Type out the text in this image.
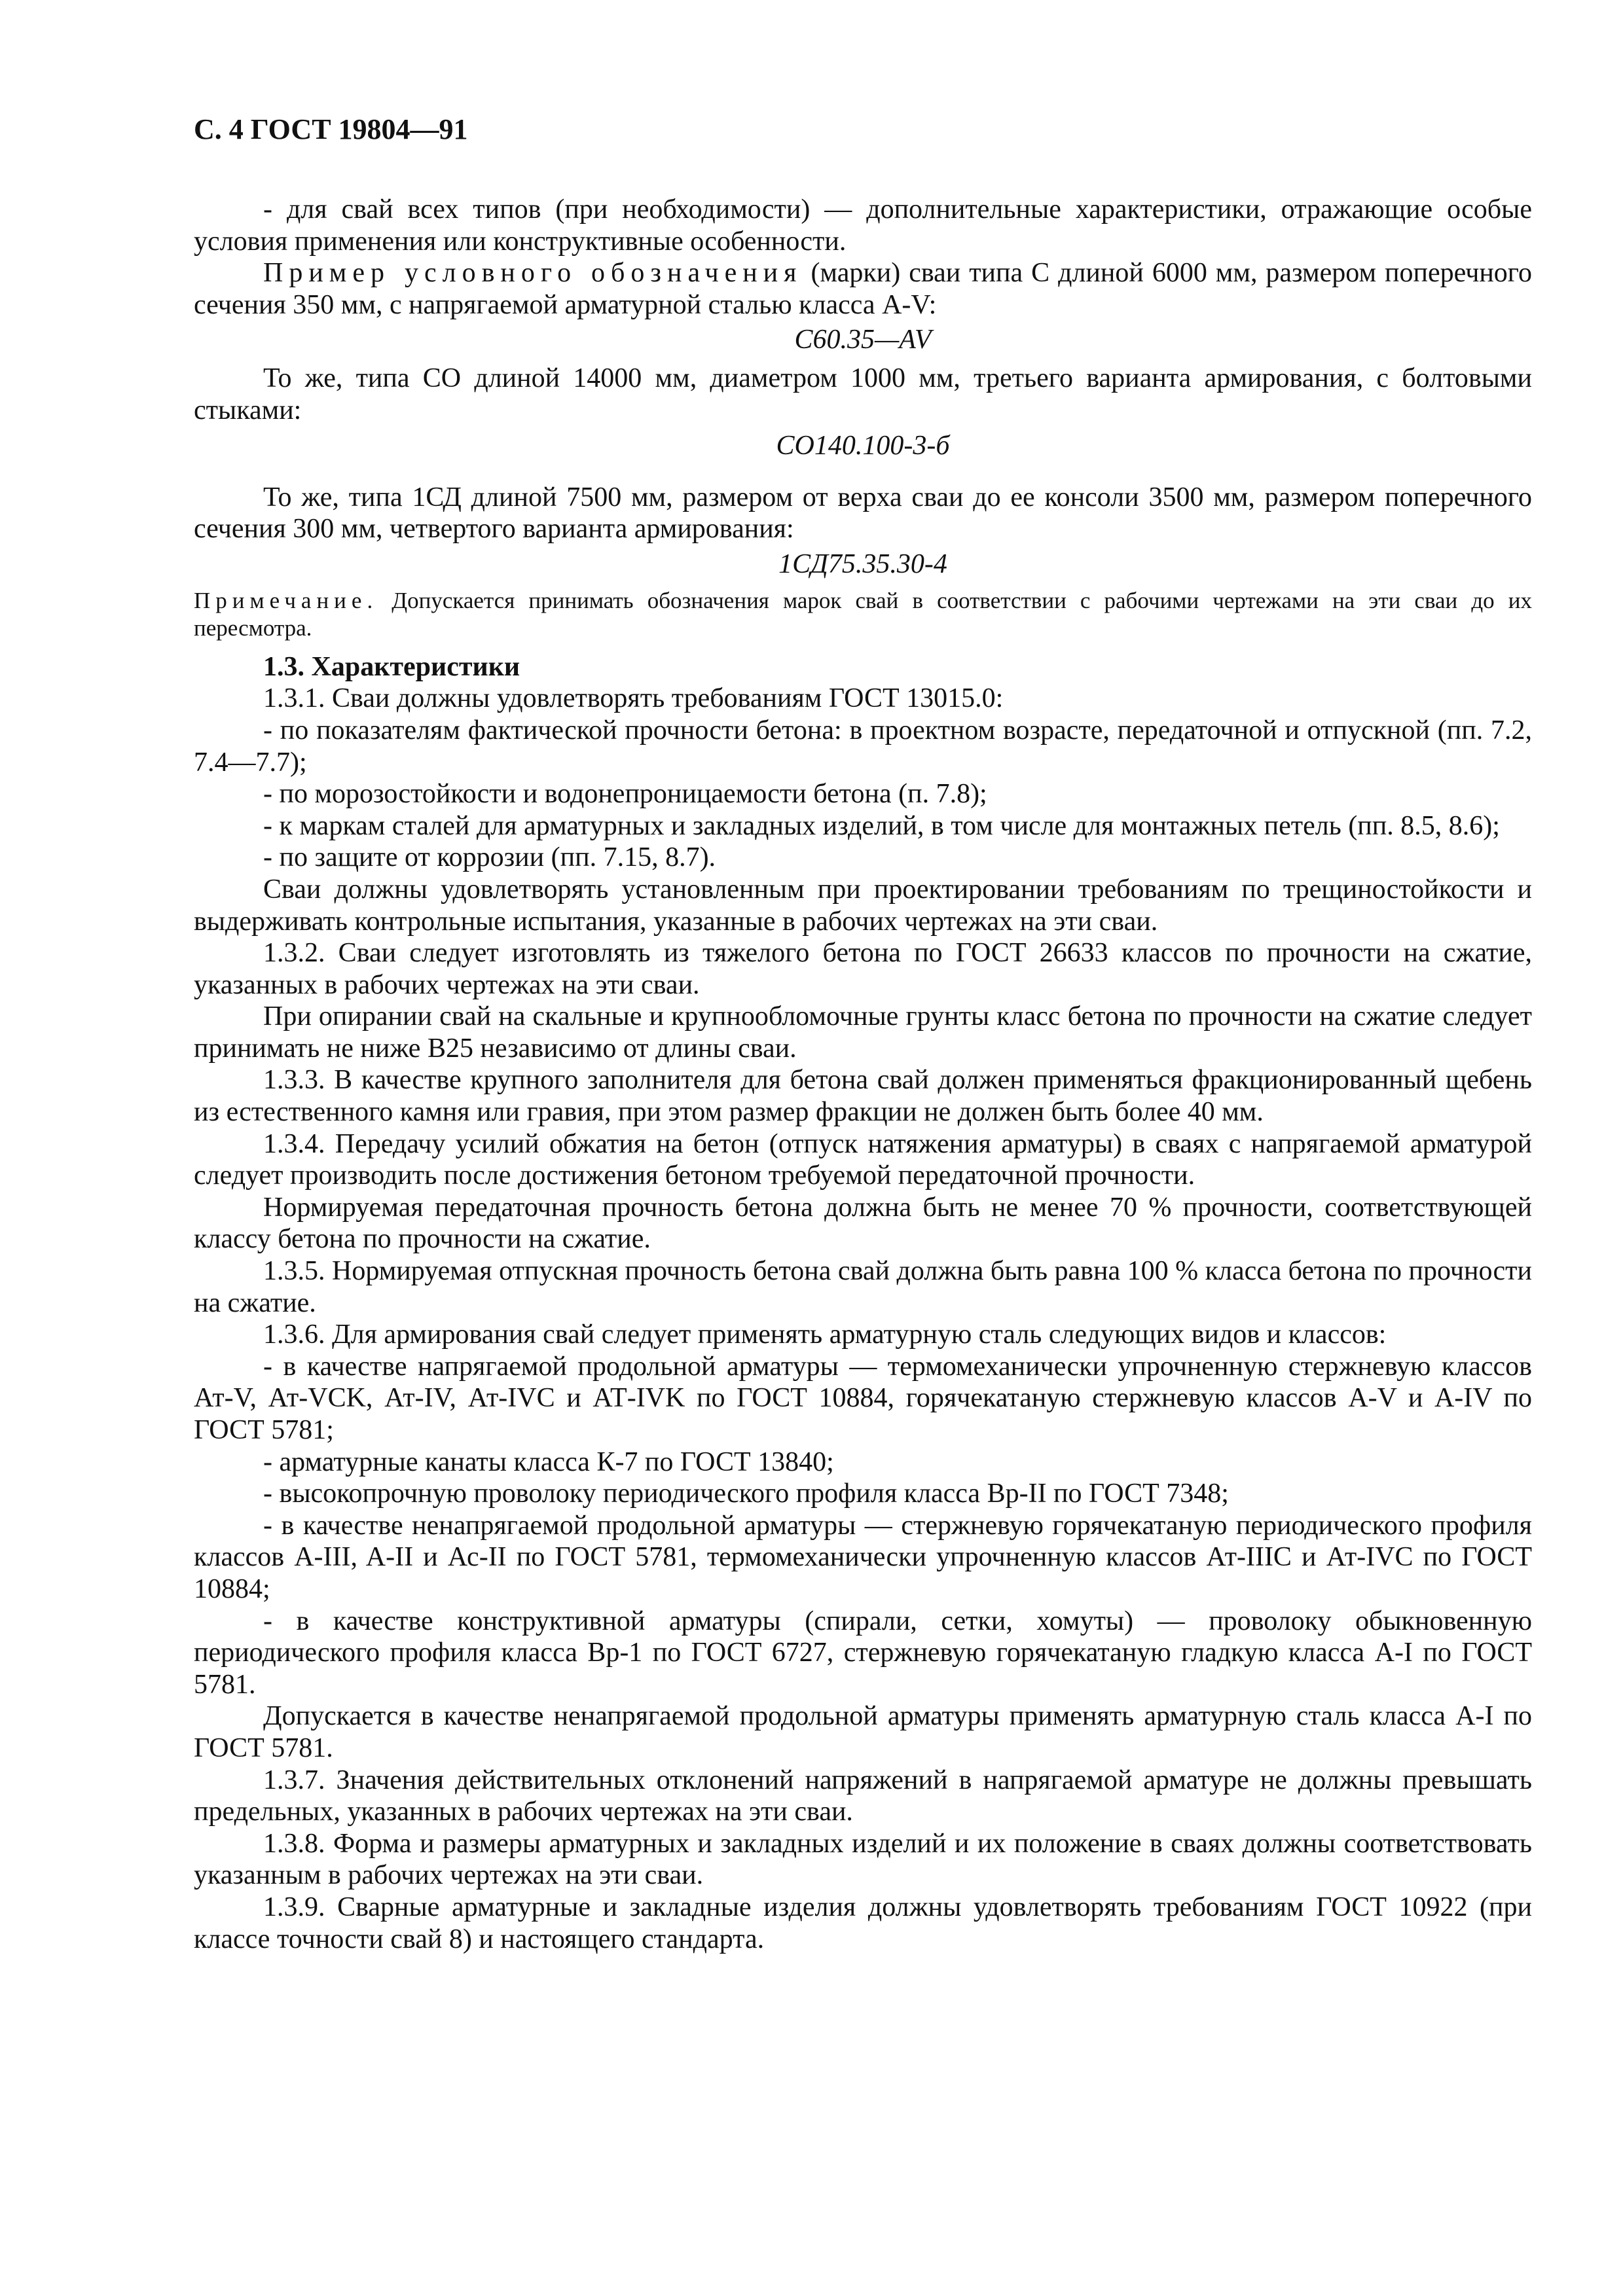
С. 4 ГОСТ 19804—91

- для свай всех типов (при необходимости) — дополнительные характеристики, отражающие особые условия применения или конструктивные особенности.

Пример условного обозначения (марки) сваи типа С длиной 6000 мм, размером поперечного сечения 350 мм, с напрягаемой арматурной сталью класса A-V:

С60.35—AV

То же, типа СО длиной 14000 мм, диаметром 1000 мм, третьего варианта армирования, с болтовыми стыками:

СО140.100-3-б

То же, типа 1СД длиной 7500 мм, размером от верха сваи до ее консоли 3500 мм, размером поперечного сечения 300 мм, четвертого варианта армирования:

1СД75.35.30-4
Примечание. Допускается принимать обозначения марок свай в соответствии с рабочими чертежами на эти сваи до их пересмотра.

1.3. Характеристики

1.3.1. Сваи должны удовлетворять требованиям ГОСТ 13015.0:

- по показателям фактической прочности бетона: в проектном возрасте, передаточной и отпускной (пп. 7.2, 7.4—7.7);

- по морозостойкости и водонепроницаемости бетона (п. 7.8);

- к маркам сталей для арматурных и закладных изделий, в том числе для монтажных петель (пп. 8.5, 8.6);

- по защите от коррозии (пп. 7.15, 8.7).

Сваи должны удовлетворять установленным при проектировании требованиям по трещиностойкости и выдерживать контрольные испытания, указанные в рабочих чертежах на эти сваи.

1.3.2. Сваи следует изготовлять из тяжелого бетона по ГОСТ 26633 классов по прочности на сжатие, указанных в рабочих чертежах на эти сваи.

При опирании свай на скальные и крупнообломочные грунты класс бетона по прочности на сжатие следует принимать не ниже В25 независимо от длины сваи.

1.3.3. В качестве крупного заполнителя для бетона свай должен применяться фракционированный щебень из естественного камня или гравия, при этом размер фракции не должен быть более 40 мм.

1.3.4. Передачу усилий обжатия на бетон (отпуск натяжения арматуры) в сваях с напрягаемой арматурой следует производить после достижения бетоном требуемой передаточной прочности.

Нормируемая передаточная прочность бетона должна быть не менее 70 % прочности, соответствующей классу бетона по прочности на сжатие.

1.3.5. Нормируемая отпускная прочность бетона свай должна быть равна 100 % класса бетона по прочности на сжатие.

1.3.6. Для армирования свай следует применять арматурную сталь следующих видов и классов:

- в качестве напрягаемой продольной арматуры — термомеханически упрочненную стержневую классов Ат-V, Ат-VCK, Ат-IV, Ат-IVC и АТ-IVK по ГОСТ 10884, горячекатаную стержневую классов A-V и A-IV по ГОСТ 5781;

- арматурные канаты класса К-7 по ГОСТ 13840;

- высокопрочную проволоку периодического профиля класса Вр-II по ГОСТ 7348;

- в качестве ненапрягаемой продольной арматуры — стержневую горячекатаную периодического профиля классов A-III, A-II и Ас-II по ГОСТ 5781, термомеханически упрочненную классов Ат-IIIC и Ат-IVC по ГОСТ 10884;

- в качестве конструктивной арматуры (спирали, сетки, хомуты) — проволоку обыкновенную периодического профиля класса Вр-1 по ГОСТ 6727, стержневую горячекатаную гладкую класса A-I по ГОСТ 5781.

Допускается в качестве ненапрягаемой продольной арматуры применять арматурную сталь класса A-I по ГОСТ 5781.

1.3.7. Значения действительных отклонений напряжений в напрягаемой арматуре не должны превышать предельных, указанных в рабочих чертежах на эти сваи.

1.3.8. Форма и размеры арматурных и закладных изделий и их положение в сваях должны соответствовать указанным в рабочих чертежах на эти сваи.

1.3.9. Сварные арматурные и закладные изделия должны удовлетворять требованиям ГОСТ 10922 (при классе точности свай 8) и настоящего стандарта.
